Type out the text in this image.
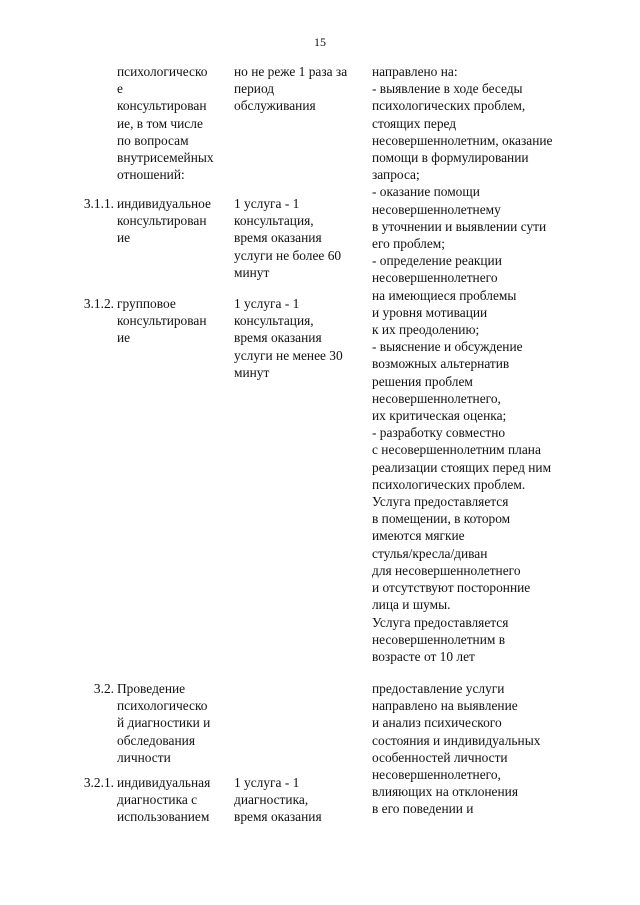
15
психологическо
е
консультирован
ие, в том числе
по вопросам
внутрисемейных
отношений:
но не реже 1 раза за
период
обслуживания
направлено на:
- выявление в ходе беседы
психологических проблем,
стоящих перед
несовершеннолетним, оказание
помощи в формулировании
запроса;
- оказание помощи
несовершеннолетнему
в уточнении и выявлении сути
его проблем;
- определение реакции
несовершеннолетнего
на имеющиеся проблемы
и уровня мотивации
к их преодолению;
- выяснение и обсуждение
возможных альтернатив
решения проблем
несовершеннолетнего,
их критическая оценка;
- разработку совместно
с несовершеннолетним плана
реализации стоящих перед ним
психологических проблем.
Услуга предоставляется
в помещении, в котором
имеются мягкие
стулья/кресла/диван
для несовершеннолетнего
и отсутствуют посторонние
лица и шумы.
Услуга предоставляется
несовершеннолетним в
возрасте от 10 лет
3.1.1. индивидуальное
консультирован
ие
1 услуга - 1
консультация,
время оказания
услуги не более 60
минут
3.1.2. групповое
консультирован
ие
1 услуга - 1
консультация,
время оказания
услуги не менее 30
минут
3.2. Проведение
психологическо
й диагностики и
обследования
личности
предоставление услуги
направлено на выявление
и анализ психического
состояния и индивидуальных
особенностей личности
несовершеннолетнего,
влияющих на отклонения
в его поведении и
3.2.1. индивидуальная
диагностика с
использованием
1 услуга - 1
диагностика,
время оказания
